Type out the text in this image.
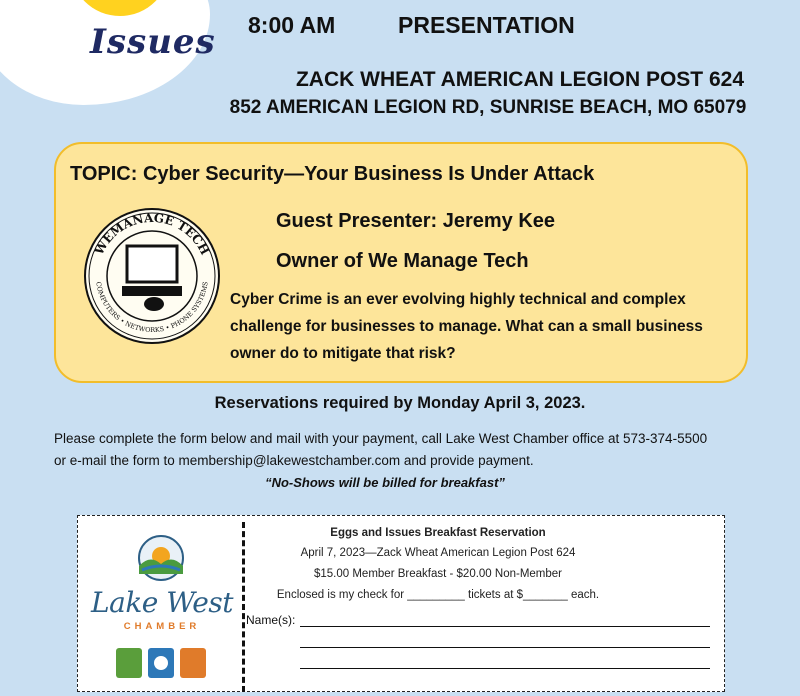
Issues 8:00 AM	PRESENTATION
ZACK WHEAT AMERICAN LEGION POST 624
852 AMERICAN LEGION RD, SUNRISE BEACH, MO 65079
TOPIC: Cyber Security—Your Business Is Under Attack
Guest Presenter: Jeremy Kee
Owner of We Manage Tech
WEMANAGE TECH
COMPUTERS • NETWORKS • PHONE SYSTEMS
Cyber Crime is an ever evolving highly technical and complex
challenge for businesses to manage. What can a small business
owner do to mitigate that risk?
Reservations required by Monday April 3, 2023.
Please complete the form below and mail with your payment, call Lake West Chamber office at 573-374-5500
or e-mail the form to membership@lakewestchamber.com and provide payment.
“No-Shows will be billed for breakfast”
Lake West
CHAMBER
Eggs and Issues Breakfast Reservation
April 7, 2023—Zack Wheat American Legion Post 624
$15.00 Member Breakfast - $20.00 Non-Member
Enclosed is my check for _________ tickets at $_______ each.
Name(s):
